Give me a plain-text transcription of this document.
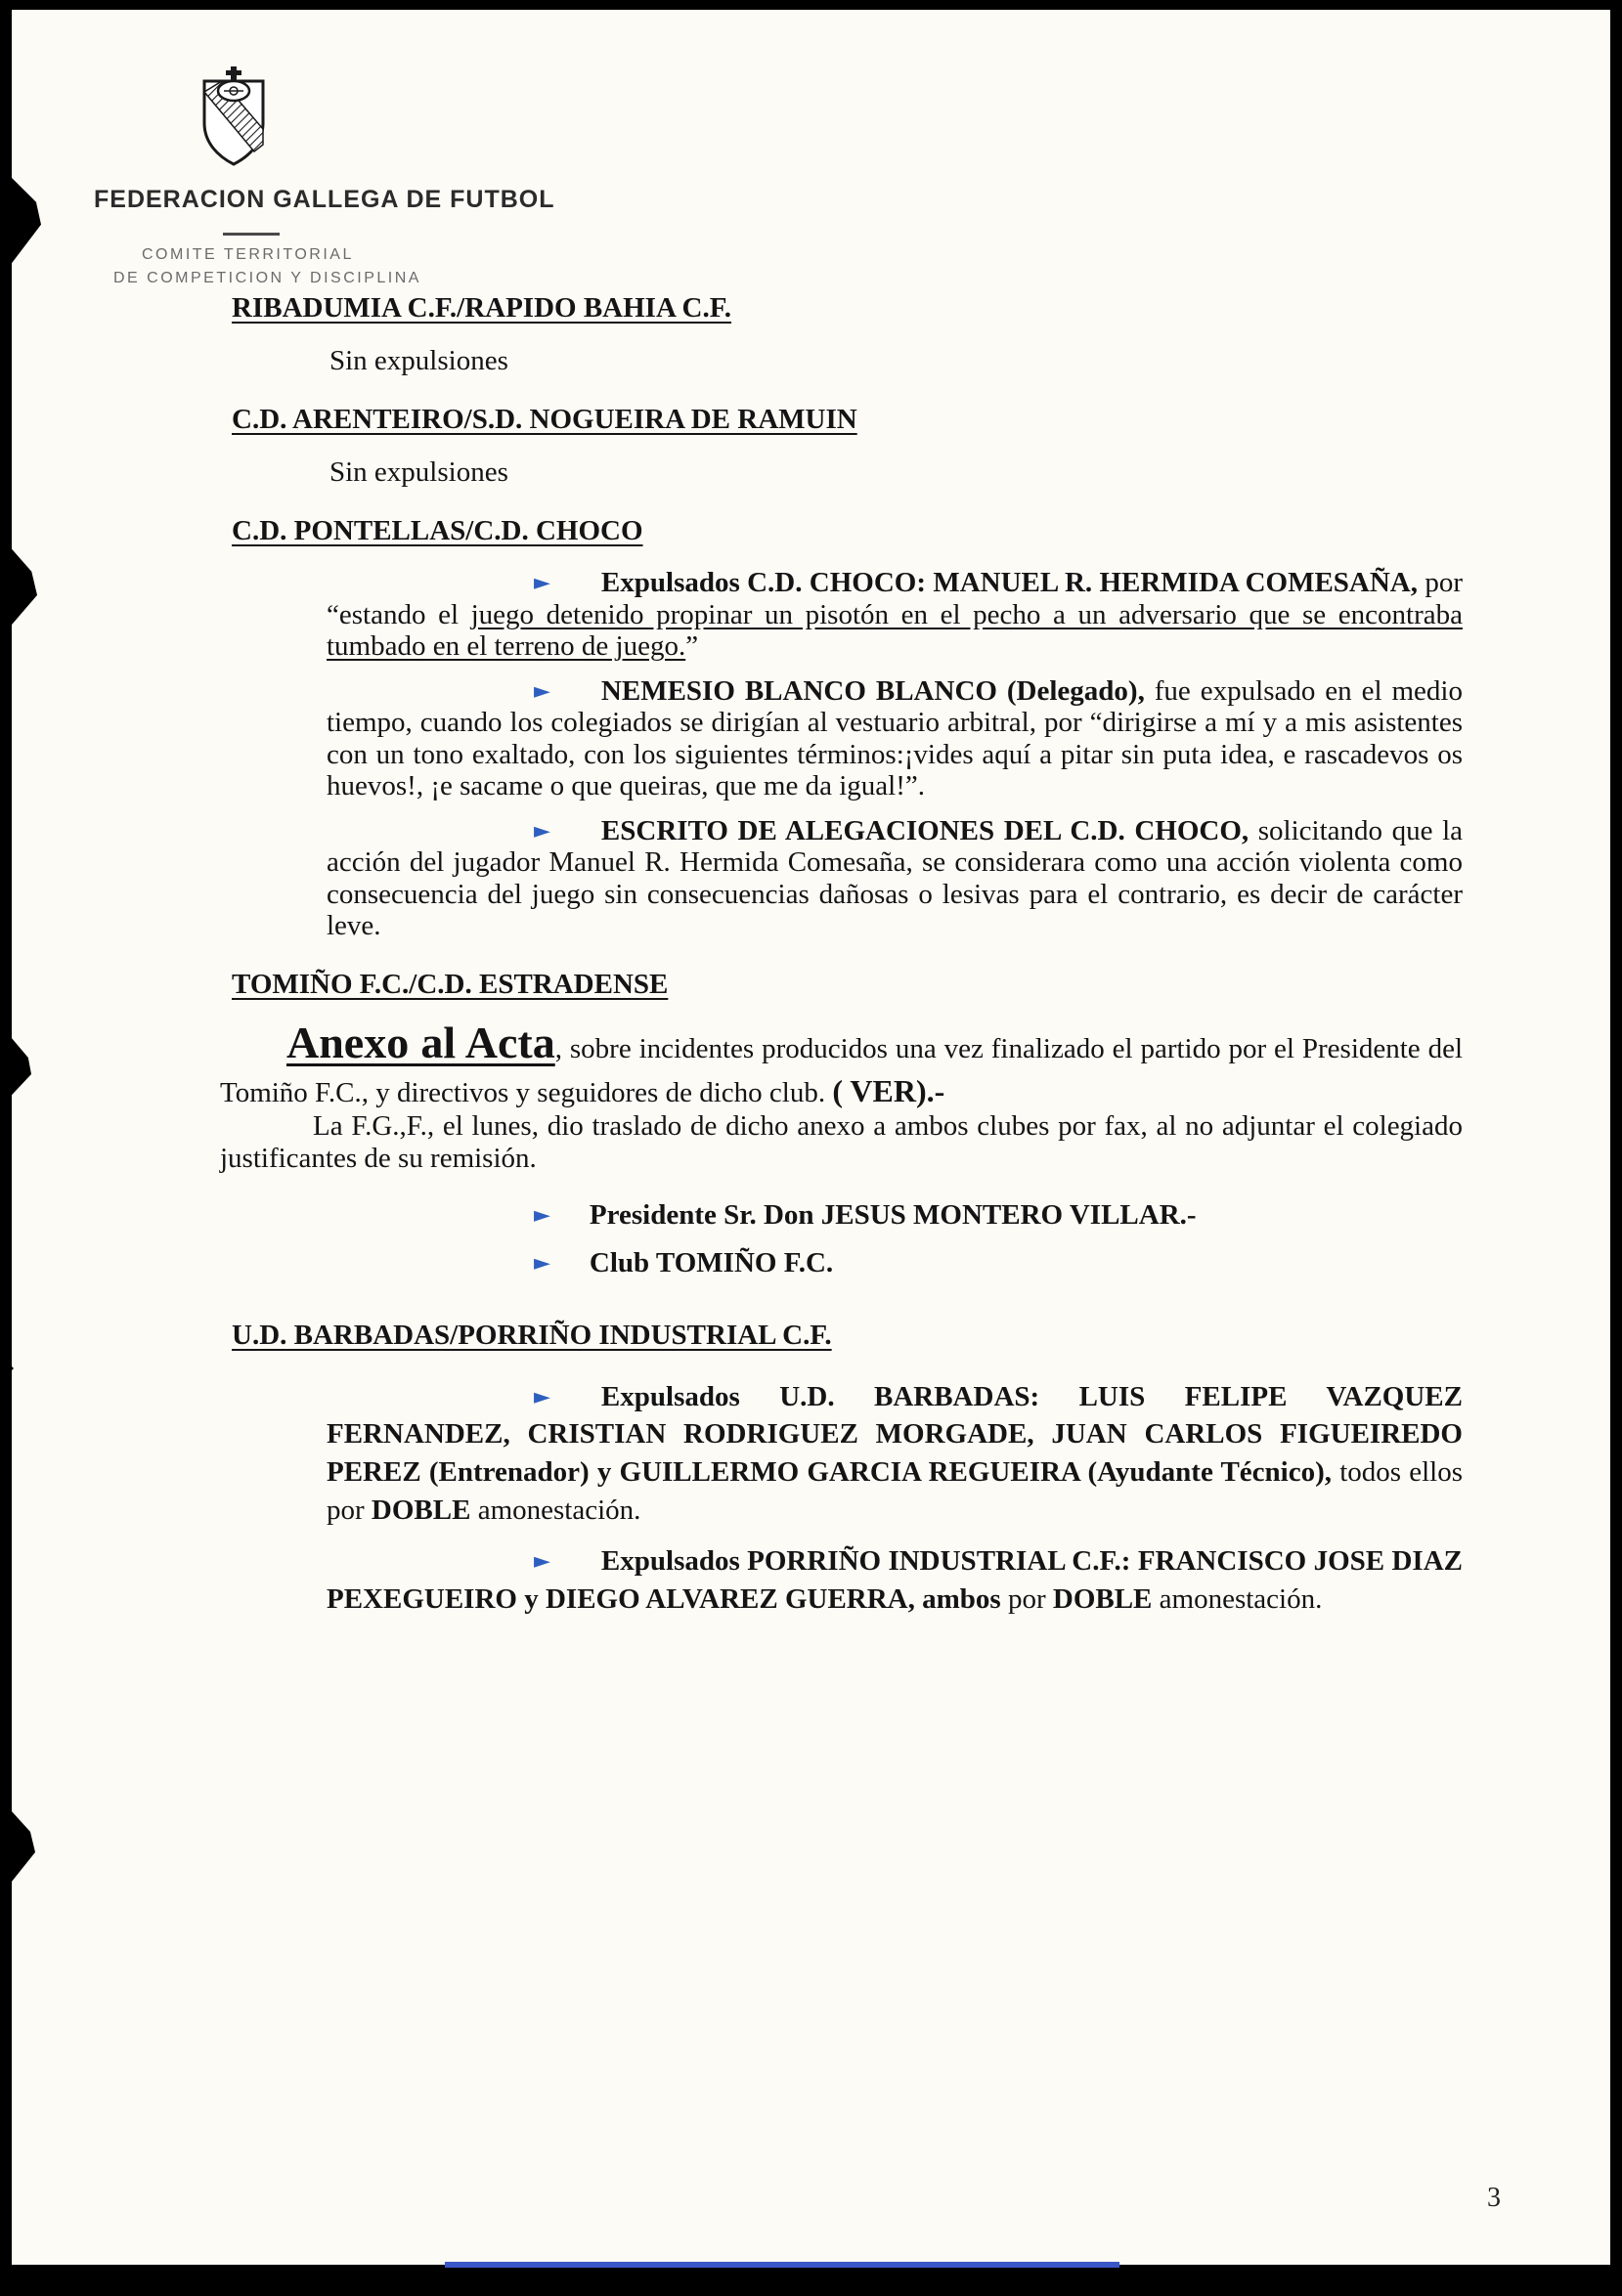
FEDERACION GALLEGA DE FUTBOL
COMITE TERRITORIAL
DE COMPETICION Y DISCIPLINA
RIBADUMIA C.F./RAPIDO BAHIA C.F.
Sin expulsiones
C.D. ARENTEIRO/S.D. NOGUEIRA DE RAMUIN
Sin expulsiones
C.D. PONTELLAS/C.D. CHOCO

► Expulsados C.D. CHOCO: MANUEL R. HERMIDA COMESAÑA, por “estando el juego detenido propinar un pisotón en el pecho a un adversario que se encontraba tumbado en el terreno de juego.”

► NEMESIO BLANCO BLANCO (Delegado), fue expulsado en el medio tiempo, cuando los colegiados se dirigían al vestuario arbitral, por “dirigirse a mí y a mis asistentes con un tono exaltado, con los siguientes términos:¡vides aquí a pitar sin puta idea, e rascadevos os huevos!, ¡e sacame o que queiras, que me da igual!”.

► ESCRITO DE ALEGACIONES DEL C.D. CHOCO, solicitando que la acción del jugador Manuel R. Hermida Comesaña, se considerara como una acción violenta como consecuencia del juego sin consecuencias dañosas o lesivas para el contrario, es decir de carácter leve.

TOMIÑO F.C./C.D. ESTRADENSE

Anexo al Acta, sobre incidentes producidos una vez finalizado el partido por el Presidente del Tomiño F.C., y directivos y seguidores de dicho club. ( VER).-

La F.G.,F., el lunes, dio traslado de dicho anexo a ambos clubes por fax, al no adjuntar el colegiado justificantes de su remisión.

► Presidente Sr. Don JESUS MONTERO VILLAR.-

► Club TOMIÑO F.C.

U.D. BARBADAS/PORRIÑO INDUSTRIAL C.F.

► Expulsados U.D. BARBADAS: LUIS FELIPE VAZQUEZ FERNANDEZ, CRISTIAN RODRIGUEZ MORGADE, JUAN CARLOS FIGUEIREDO PEREZ (Entrenador) y GUILLERMO GARCIA REGUEIRA (Ayudante Técnico), todos ellos por DOBLE amonestación.

► Expulsados PORRIÑO INDUSTRIAL C.F.: FRANCISCO JOSE DIAZ PEXEGUEIRO y DIEGO ALVAREZ GUERRA, ambos por DOBLE amonestación.

3
